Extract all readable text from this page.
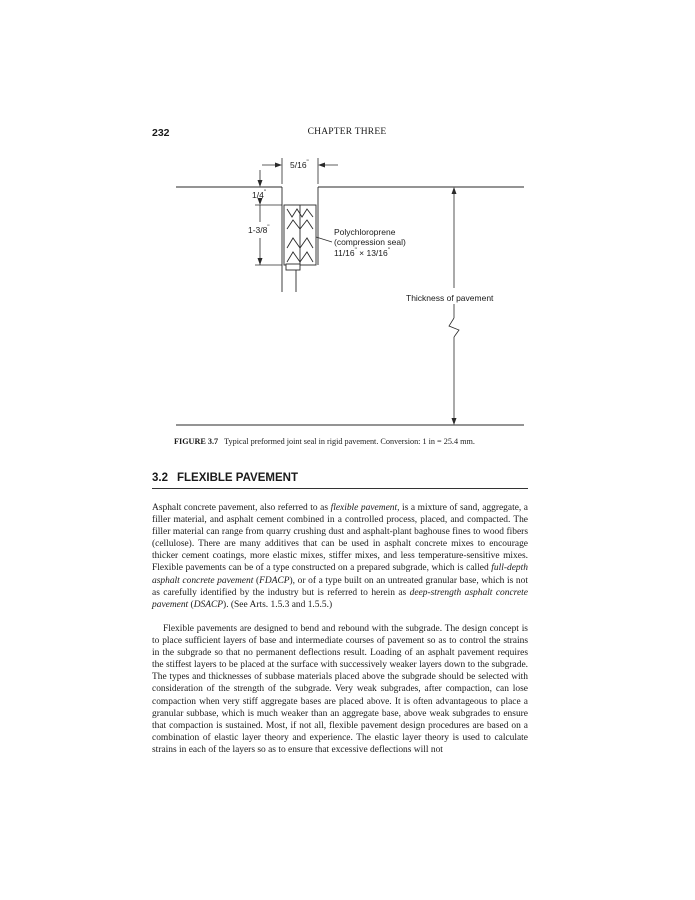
232	CHAPTER THREE
5/16"
1/4"
1-3/8"	Polychloroprene
(compression seal)
11/16" × 13/16"
Thickness of pavement
FIGURE 3.7 Typical preformed joint seal in rigid pavement. Conversion: 1 in = 25.4 mm.
3.2 FLEXIBLE PAVEMENT

Asphalt concrete pavement, also referred to as flexible pavement, is a mixture of sand, aggregate, a filler material, and asphalt cement combined in a controlled process, placed, and compacted. The filler material can range from quarry crushing dust and asphalt-plant baghouse fines to wood fibers (cellulose). There are many additives that can be used in asphalt concrete mixes to encourage thicker cement coatings, more elastic mixes, stiffer mixes, and less temperature-sensitive mixes. Flexible pavements can be of a type constructed on a prepared subgrade, which is called full-depth asphalt concrete pavement (FDACP), or of a type built on an untreated granular base, which is not as carefully identified by the industry but is referred to herein as deep-strength asphalt concrete pavement (DSACP). (See Arts. 1.5.3 and 1.5.5.)

Flexible pavements are designed to bend and rebound with the subgrade. The design concept is to place sufficient layers of base and intermediate courses of pavement so as to control the strains in the subgrade so that no permanent deflections result. Loading of an asphalt pavement requires the stiffest layers to be placed at the surface with successively weaker layers down to the subgrade. The types and thicknesses of subbase materials placed above the subgrade should be selected with consideration of the strength of the subgrade. Very weak subgrades, after compaction, can lose compaction when very stiff aggregate bases are placed above. It is often advantageous to place a granular subbase, which is much weaker than an aggregate base, above weak subgrades to ensure that compaction is sustained. Most, if not all, flexible pavement design procedures are based on a combination of elastic layer theory and experience. The elastic layer theory is used to calculate strains in each of the layers so as to ensure that excessive deflections will not
